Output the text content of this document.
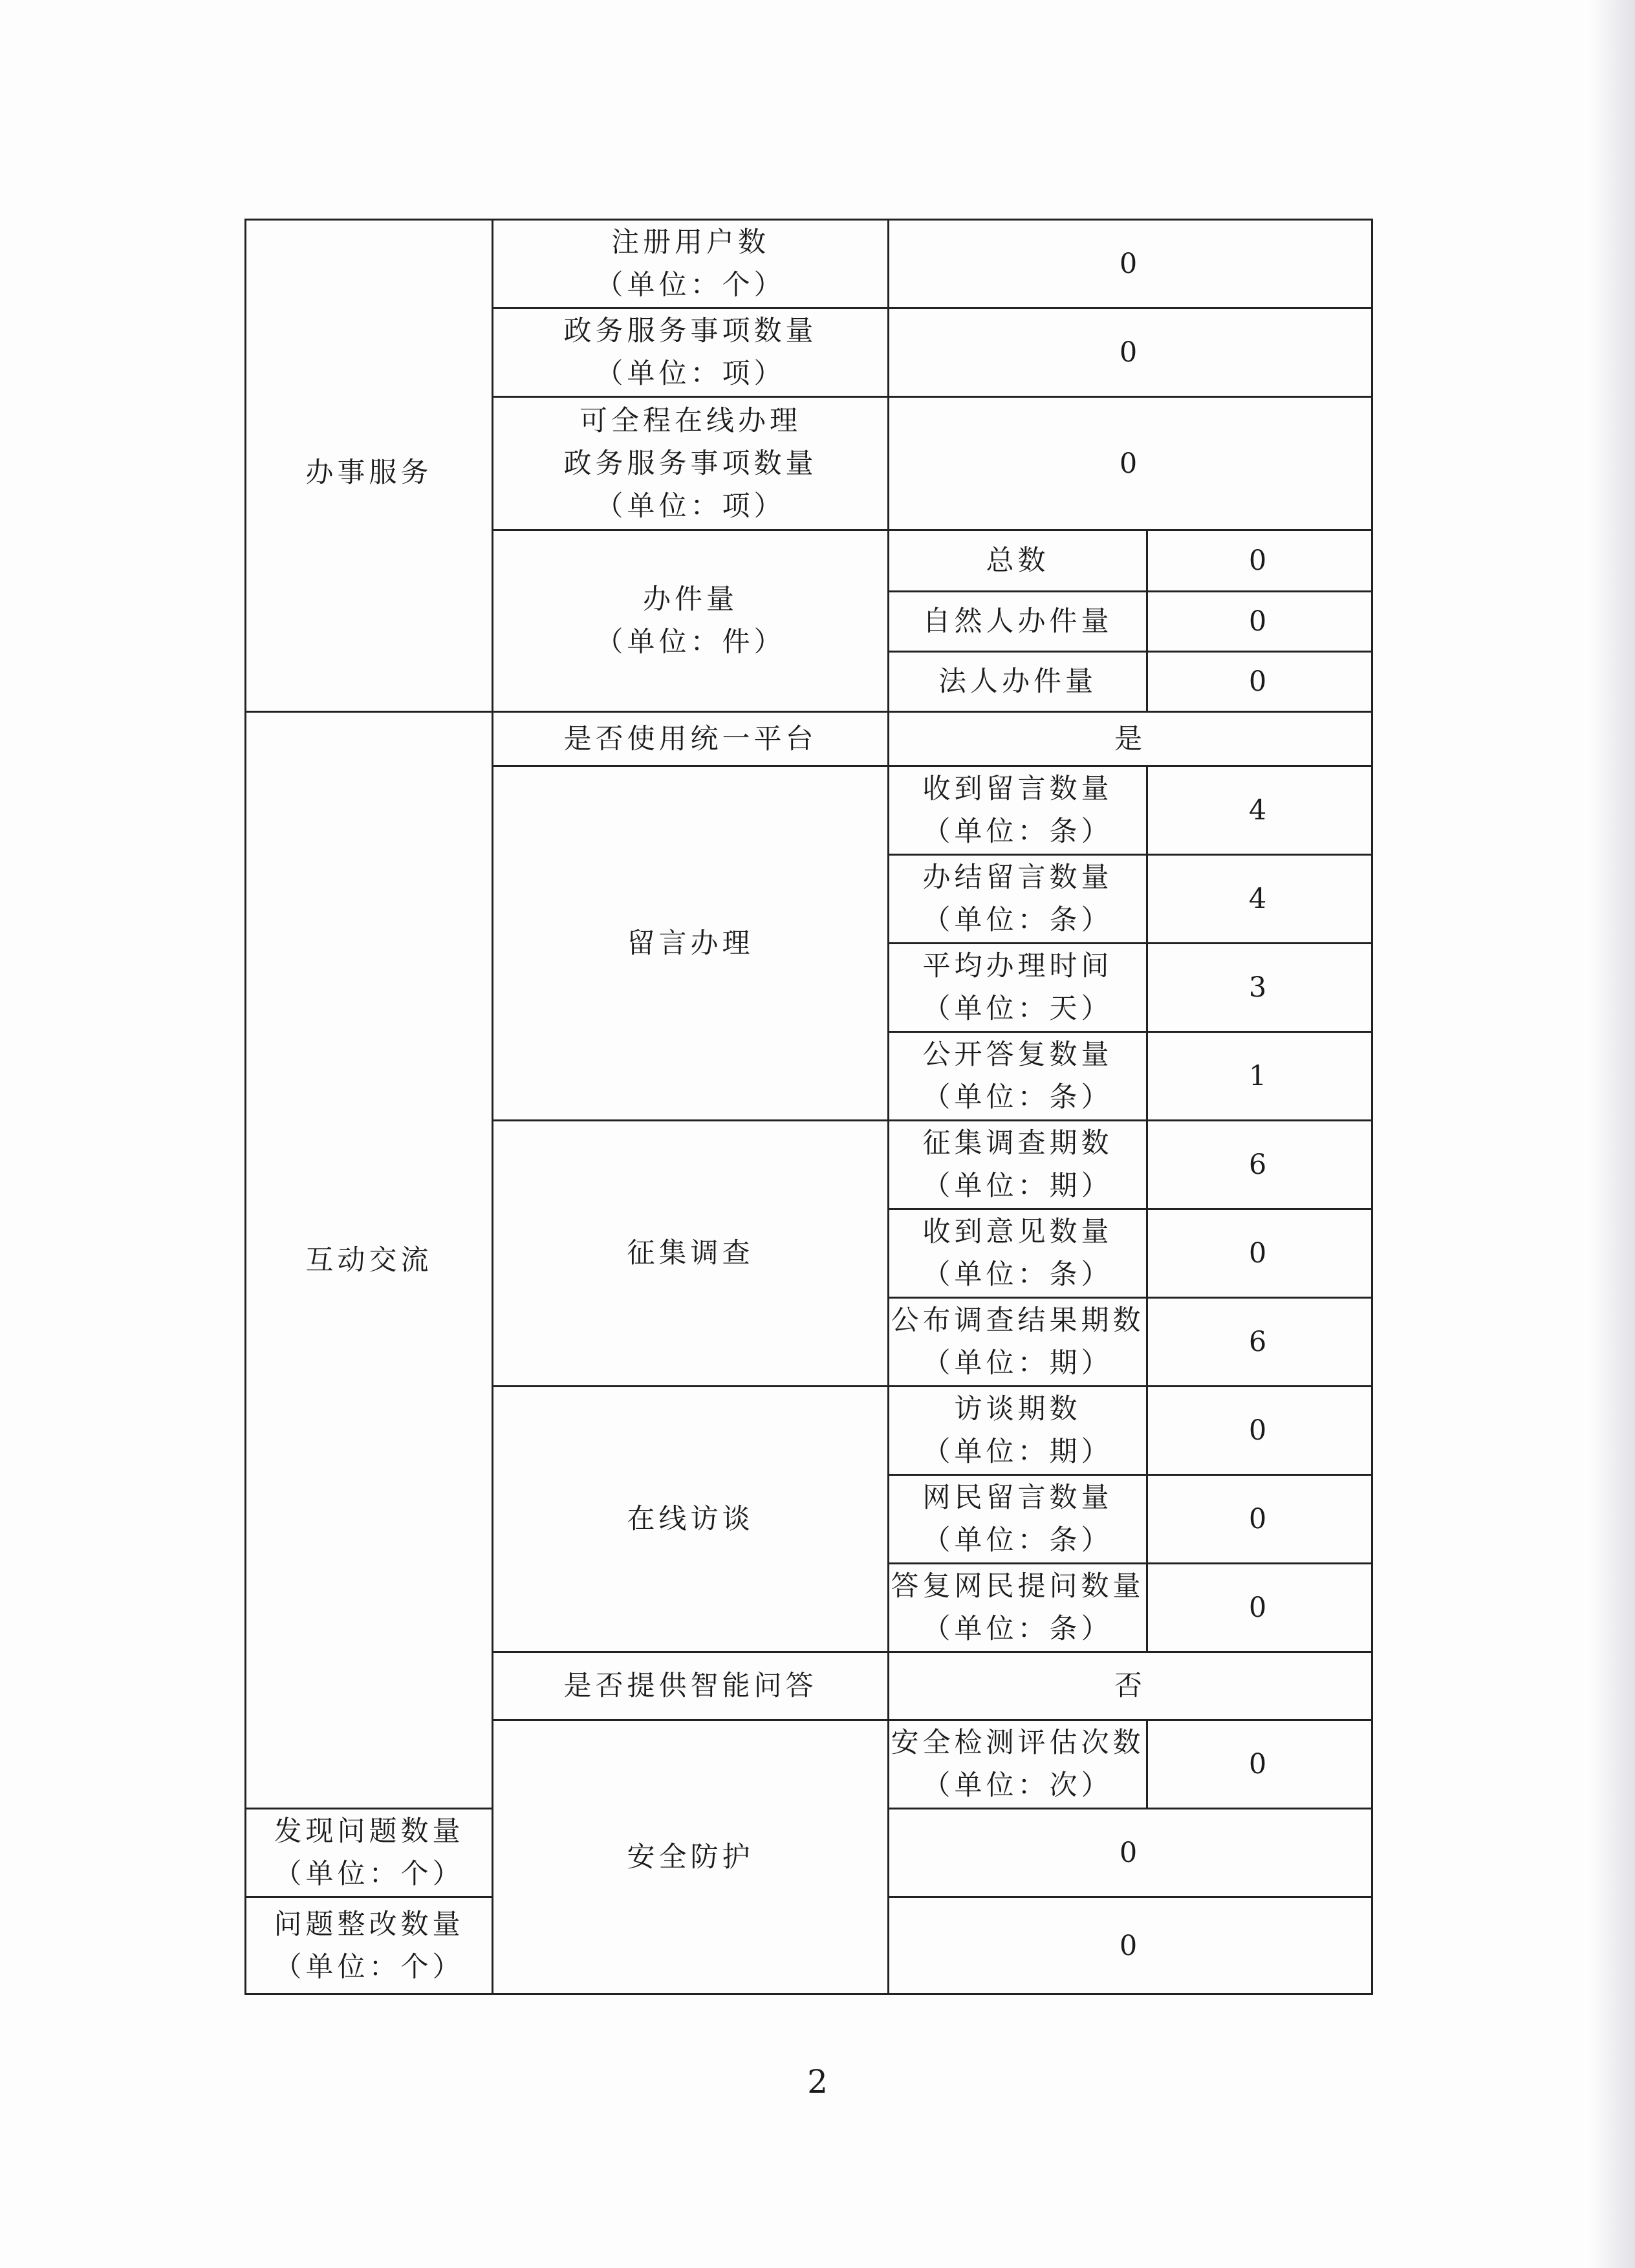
办事服务	注册用户数
（单位：个）	0	

	政务服务事项数量
（单位：项）	0	

	可全程在线办理
政务服务事项数量
（单位：项）	0	

	办件量
（单位：件）	总数	0
		自然人办件量	0
		法人办件量	0
互动交流	是否使用统一平台	是	
	留言办理	收到留言数量
（单位：条）	4

		办结留言数量
（单位：条）	4

		平均办理时间
（单位：天）	3

		公开答复数量
（单位：条）	1
	征集调查	征集调查期数
（单位：期）	6

		收到意见数量
（单位：条）	0

		公布调查结果期数
（单位：期）	6
	在线访谈	访谈期数
（单位：期）	0

		网民留言数量
（单位：条）	0

		答复网民提问数量
（单位：条）	0
	是否提供智能问答	否	
	安全防护	安全检测评估次数
（单位：次）	0

发现问题数量
（单位：个）		0	

问题整改数量
（单位：个）		0	
2
